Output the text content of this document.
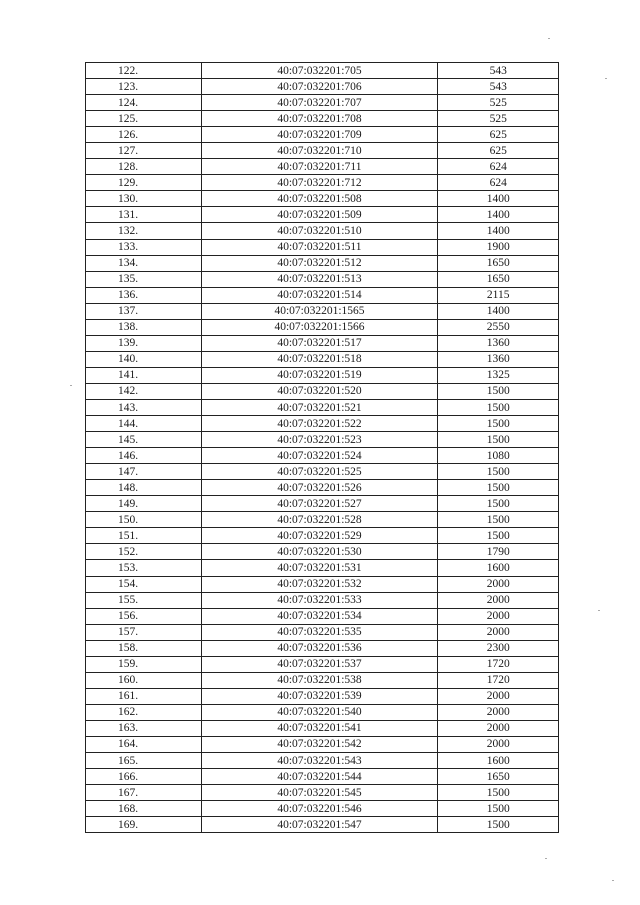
122.	40:07:032201:705	543
123.	40:07:032201:706	543
124.	40:07:032201:707	525
125.	40:07:032201:708	525
126.	40:07:032201:709	625
127.	40:07:032201:710	625
128.	40:07:032201:711	624
129.	40:07:032201:712	624
130.	40:07:032201:508	1400
131.	40:07:032201:509	1400
132.	40:07:032201:510	1400
133.	40:07:032201:511	1900
134.	40:07:032201:512	1650
135.	40:07:032201:513	1650
136.	40:07:032201:514	2115
137.	40:07:032201:1565	1400
138.	40:07:032201:1566	2550
139.	40:07:032201:517	1360
140.	40:07:032201:518	1360
141.	40:07:032201:519	1325
142.	40:07:032201:520	1500
143.	40:07:032201:521	1500
144.	40:07:032201:522	1500
145.	40:07:032201:523	1500
146.	40:07:032201:524	1080
147.	40:07:032201:525	1500
148.	40:07:032201:526	1500
149.	40:07:032201:527	1500
150.	40:07:032201:528	1500
151.	40:07:032201:529	1500
152.	40:07:032201:530	1790
153.	40:07:032201:531	1600
154.	40:07:032201:532	2000
155.	40:07:032201:533	2000
156.	40:07:032201:534	2000
157.	40:07:032201:535	2000
158.	40:07:032201:536	2300
159.	40:07:032201:537	1720
160.	40:07:032201:538	1720
161.	40:07:032201:539	2000
162.	40:07:032201:540	2000
163.	40:07:032201:541	2000
164.	40:07:032201:542	2000
165.	40:07:032201:543	1600
166.	40:07:032201:544	1650
167.	40:07:032201:545	1500
168.	40:07:032201:546	1500
169.	40:07:032201:547	1500
